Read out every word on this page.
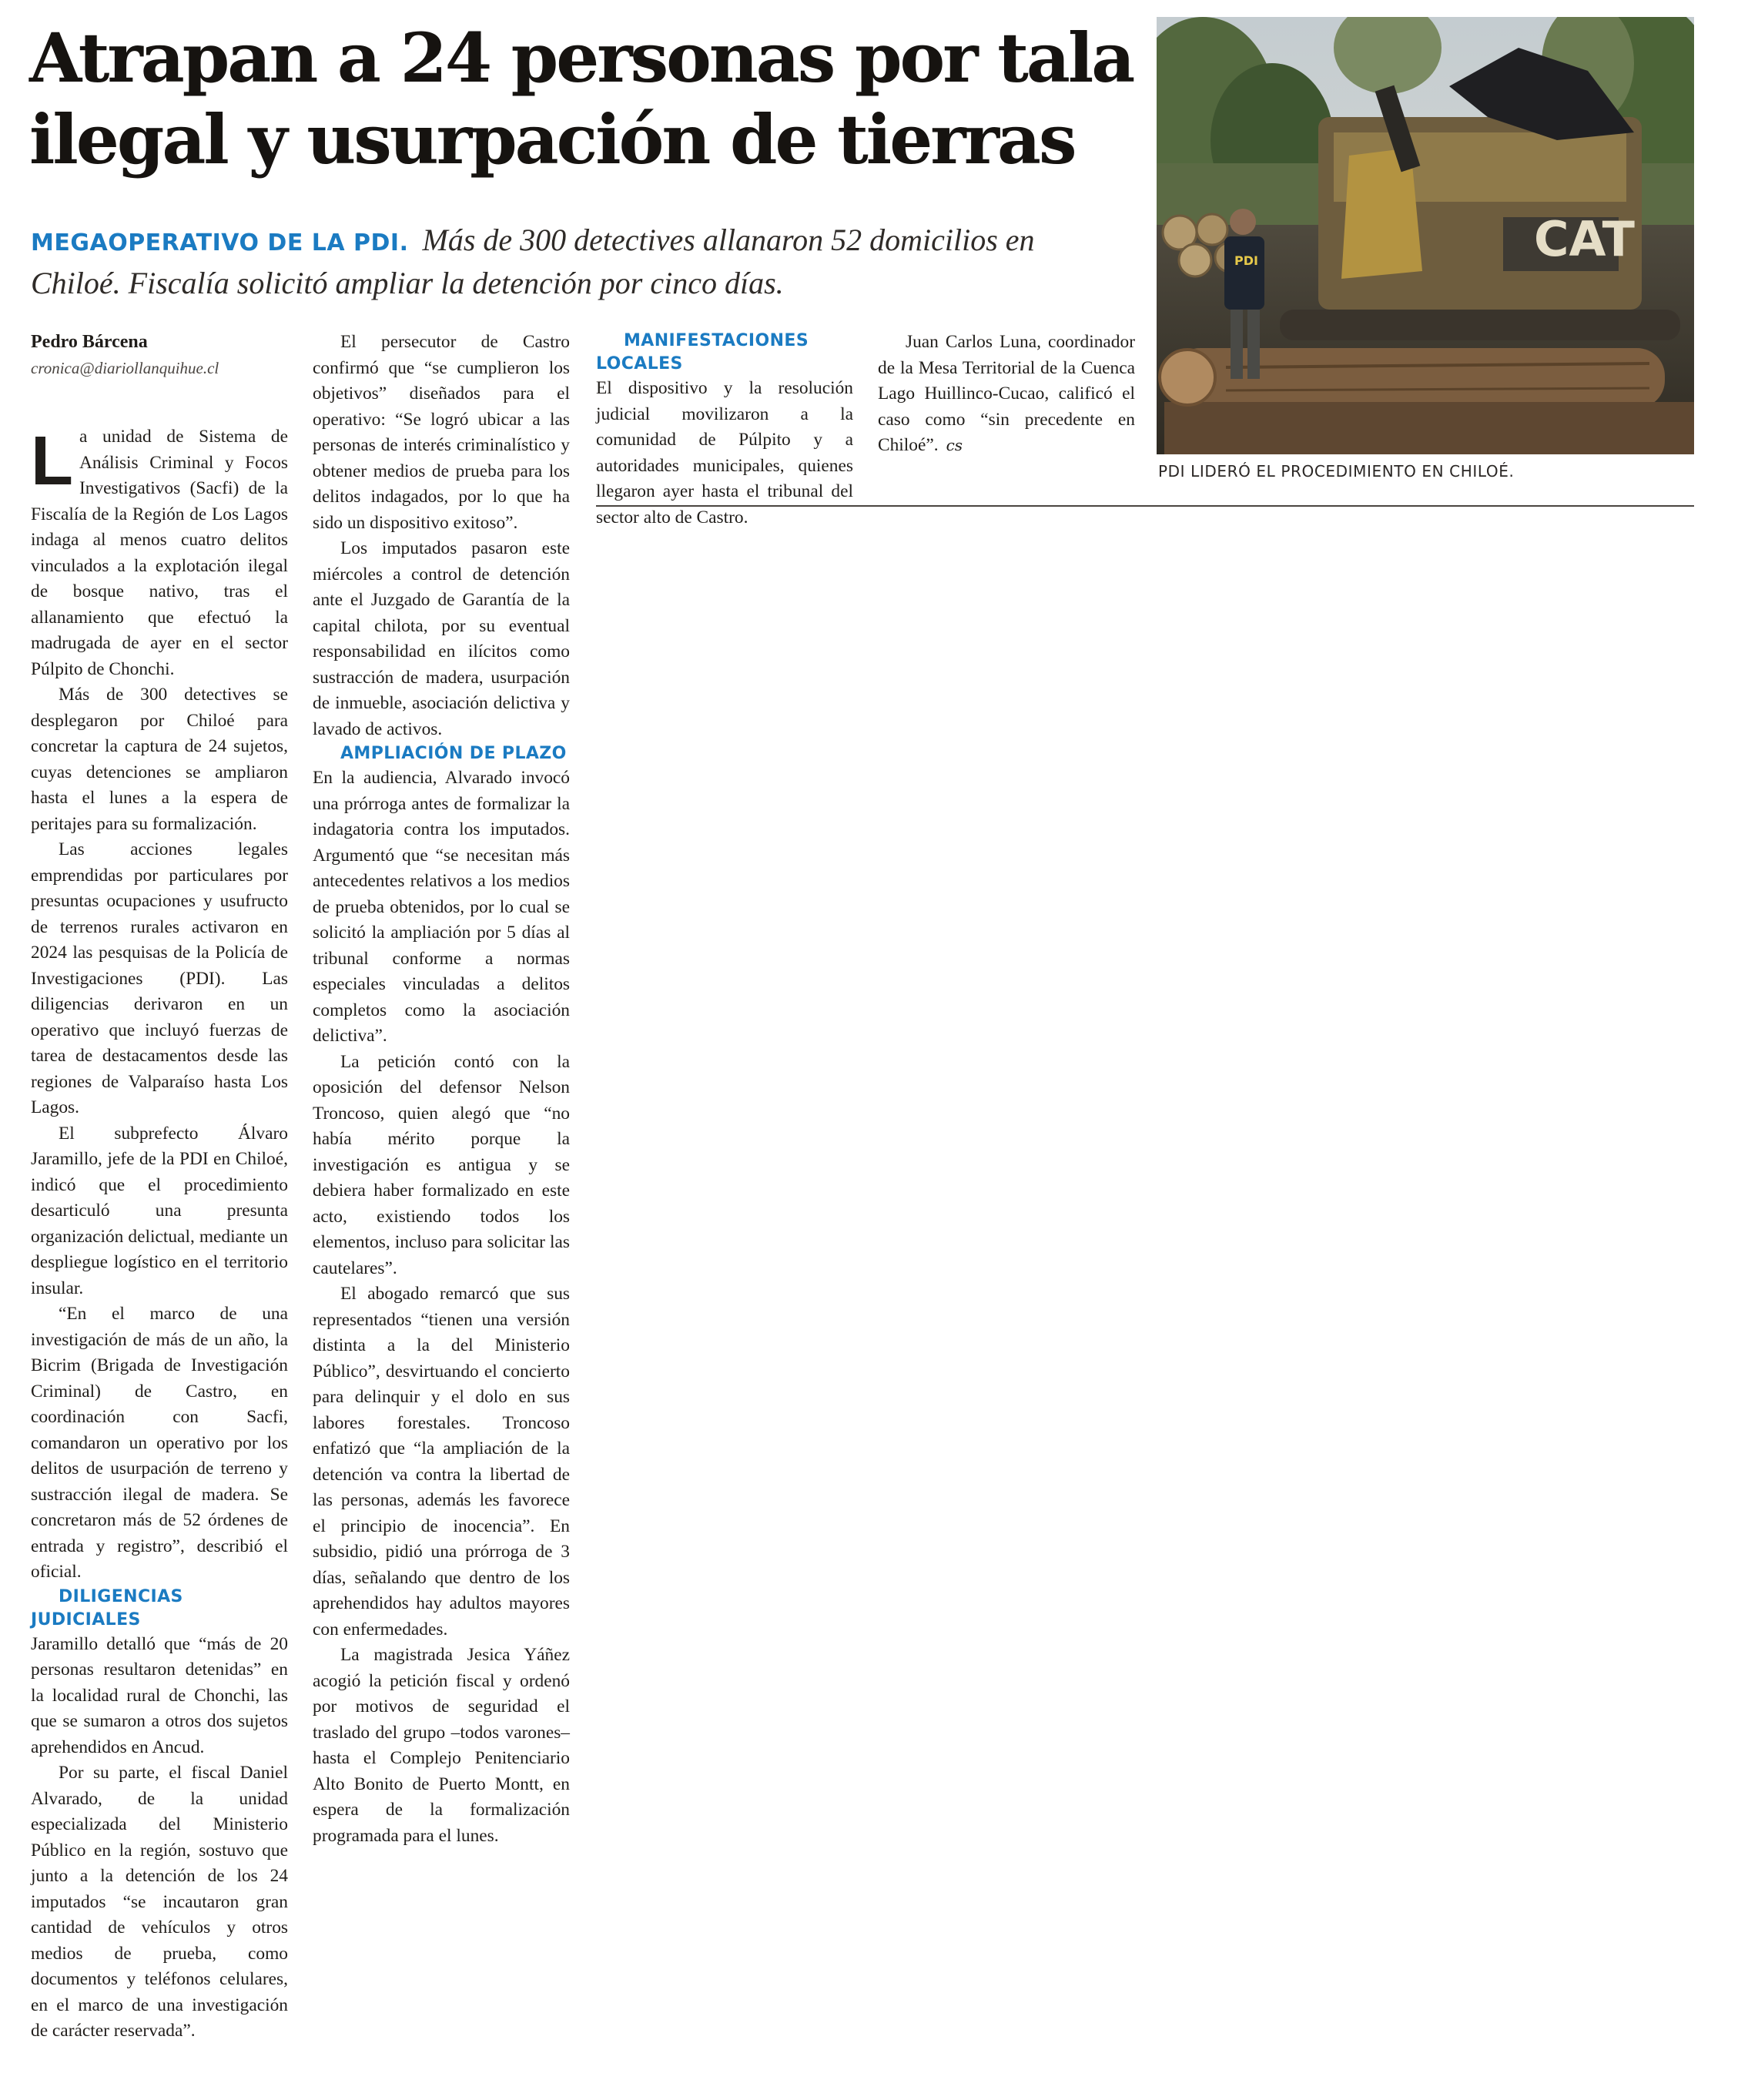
Atrapan a 24 personas por tala ilegal y usurpación de tierras

MEGAOPERATIVO DE LA PDI. Más de 300 detectives allanaron 52 domicilios en Chiloé. Fiscalía solicitó ampliar la detención por cinco días.

Pedro Bárcena

cronica@diariollanquihue.cl

La unidad de Sistema de Análisis Criminal y Focos Investigativos (Sacfi) de la Fiscalía de la Región de Los Lagos indaga al menos cuatro delitos vinculados a la explotación ilegal de bosque nativo, tras el allanamiento que efectuó la madrugada de ayer en el sector Púlpito de Chonchi.

Más de 300 detectives se desplegaron por Chiloé para concretar la captura de 24 sujetos, cuyas detenciones se ampliaron hasta el lunes a la espera de peritajes para su formalización.

Las acciones legales emprendidas por particulares por presuntas ocupaciones y usufructo de terrenos rurales activaron en 2024 las pesquisas de la Policía de Investigaciones (PDI). Las diligencias derivaron en un operativo que incluyó fuerzas de tarea de destacamentos desde las regiones de Valparaíso hasta Los Lagos.

El subprefecto Álvaro Jaramillo, jefe de la PDI en Chiloé, indicó que el procedimiento desarticuló una presunta organización delictual, mediante un despliegue logístico en el territorio insular.

“En el marco de una investigación de más de un año, la Bicrim (Brigada de Investigación Criminal) de Castro, en coordinación con Sacfi, comandaron un operativo por los delitos de usurpación de terreno y sustracción ilegal de madera. Se concretaron más de 52 órdenes de entrada y registro”, describió el oficial.

DILIGENCIAS JUDICIALES

Jaramillo detalló que “más de 20 personas resultaron detenidas” en la localidad rural de Chonchi, las que se sumaron a otros dos sujetos aprehendidos en Ancud.

Por su parte, el fiscal Daniel Alvarado, de la unidad especializada del Ministerio Público en la región, sostuvo que junto a la detención de los 24 imputados “se incautaron gran cantidad de vehículos y otros medios de prueba, como documentos y teléfonos celulares, en el marco de una investigación de carácter reservada”.

El persecutor de Castro confirmó que “se cumplieron los objetivos” diseñados para el operativo: “Se logró ubicar a las personas de interés criminalístico y obtener medios de prueba para los delitos indagados, por lo que ha sido un dispositivo exitoso”.

Los imputados pasaron este miércoles a control de detención ante el Juzgado de Garantía de la capital chilota, por su eventual responsabilidad en ilícitos como sustracción de madera, usurpación de inmueble, asociación delictiva y lavado de activos.

AMPLIACIÓN DE PLAZO

En la audiencia, Alvarado invocó una prórroga antes de formalizar la indagatoria contra los imputados. Argumentó que “se necesitan más antecedentes relativos a los medios de prueba obtenidos, por lo cual se solicitó la ampliación por 5 días al tribunal conforme a normas especiales vinculadas a delitos completos como la asociación delictiva”.

La petición contó con la oposición del defensor Nelson Troncoso, quien alegó que “no había mérito porque la investigación es antigua y se debiera haber formalizado en este acto, existiendo todos los elementos, incluso para solicitar las cautelares”.

El abogado remarcó que sus representados “tienen una versión distinta a la del Ministerio Público”, desvirtuando el concierto para delinquir y el dolo en sus labores forestales. Troncoso enfatizó que “la ampliación de la detención va contra la libertad de las personas, además les favorece el principio de inocencia”. En subsidio, pidió una prórroga de 3 días, señalando que dentro de los aprehendidos hay adultos mayores con enfermedades.

La magistrada Jesica Yáñez acogió la petición fiscal y ordenó por motivos de seguridad el traslado del grupo –todos varones– hasta el Complejo Penitenciario Alto Bonito de Puerto Montt, en espera de la formalización programada para el lunes.

MANIFESTACIONES LOCALES

El dispositivo y la resolución judicial movilizaron a la comunidad de Púlpito y a autoridades municipales, quienes llegaron ayer hasta el tribunal del sector alto de Castro.

Juan Carlos Luna, coordinador de la Mesa Territorial de la Cuenca Lago Huillinco-Cucao, calificó el caso como “sin precedente en Chiloé”. cs

CAT
PDI

PDI LIDERÓ EL PROCEDIMIENTO EN CHILOÉ.
